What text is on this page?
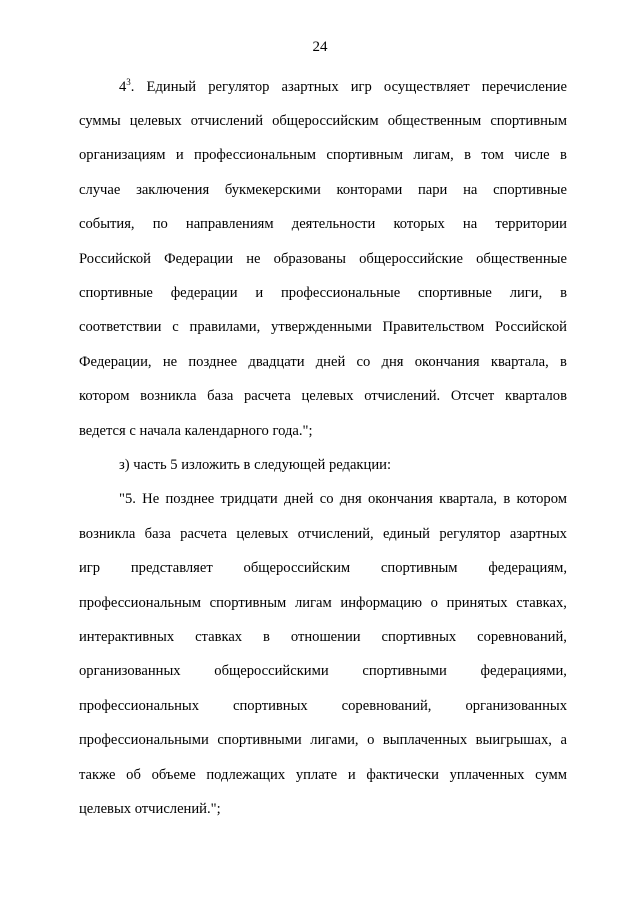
24
$4^3$. Единый регулятор азартных игр осуществляет перечисление
суммы целевых отчислений общероссийским общественным спортивным
организациям и профессиональным спортивным лигам, в том числе в
случае заключения букмекерскими конторами пари на спортивные
события, по направлениям деятельности которых на территории
Российской Федерации не образованы общероссийские общественные
спортивные федерации и профессиональные спортивные лиги, в
соответствии с правилами, утвержденными Правительством Российской
Федерации, не позднее двадцати дней со дня окончания квартала, в
котором возникла база расчета целевых отчислений. Отсчет кварталов
ведется с начала календарного года.";
з) часть 5 изложить в следующей редакции:
"5. Не позднее тридцати дней со дня окончания квартала, в котором
возникла база расчета целевых отчислений, единый регулятор азартных
игр представляет общероссийским спортивным федерациям,
профессиональным спортивным лигам информацию о принятых ставках,
интерактивных ставках в отношении спортивных соревнований,
организованных общероссийскими спортивными федерациями,
профессиональных спортивных соревнований, организованных
профессиональными спортивными лигами, о выплаченных выигрышах, а
также об объеме подлежащих уплате и фактически уплаченных сумм
целевых отчислений.";
